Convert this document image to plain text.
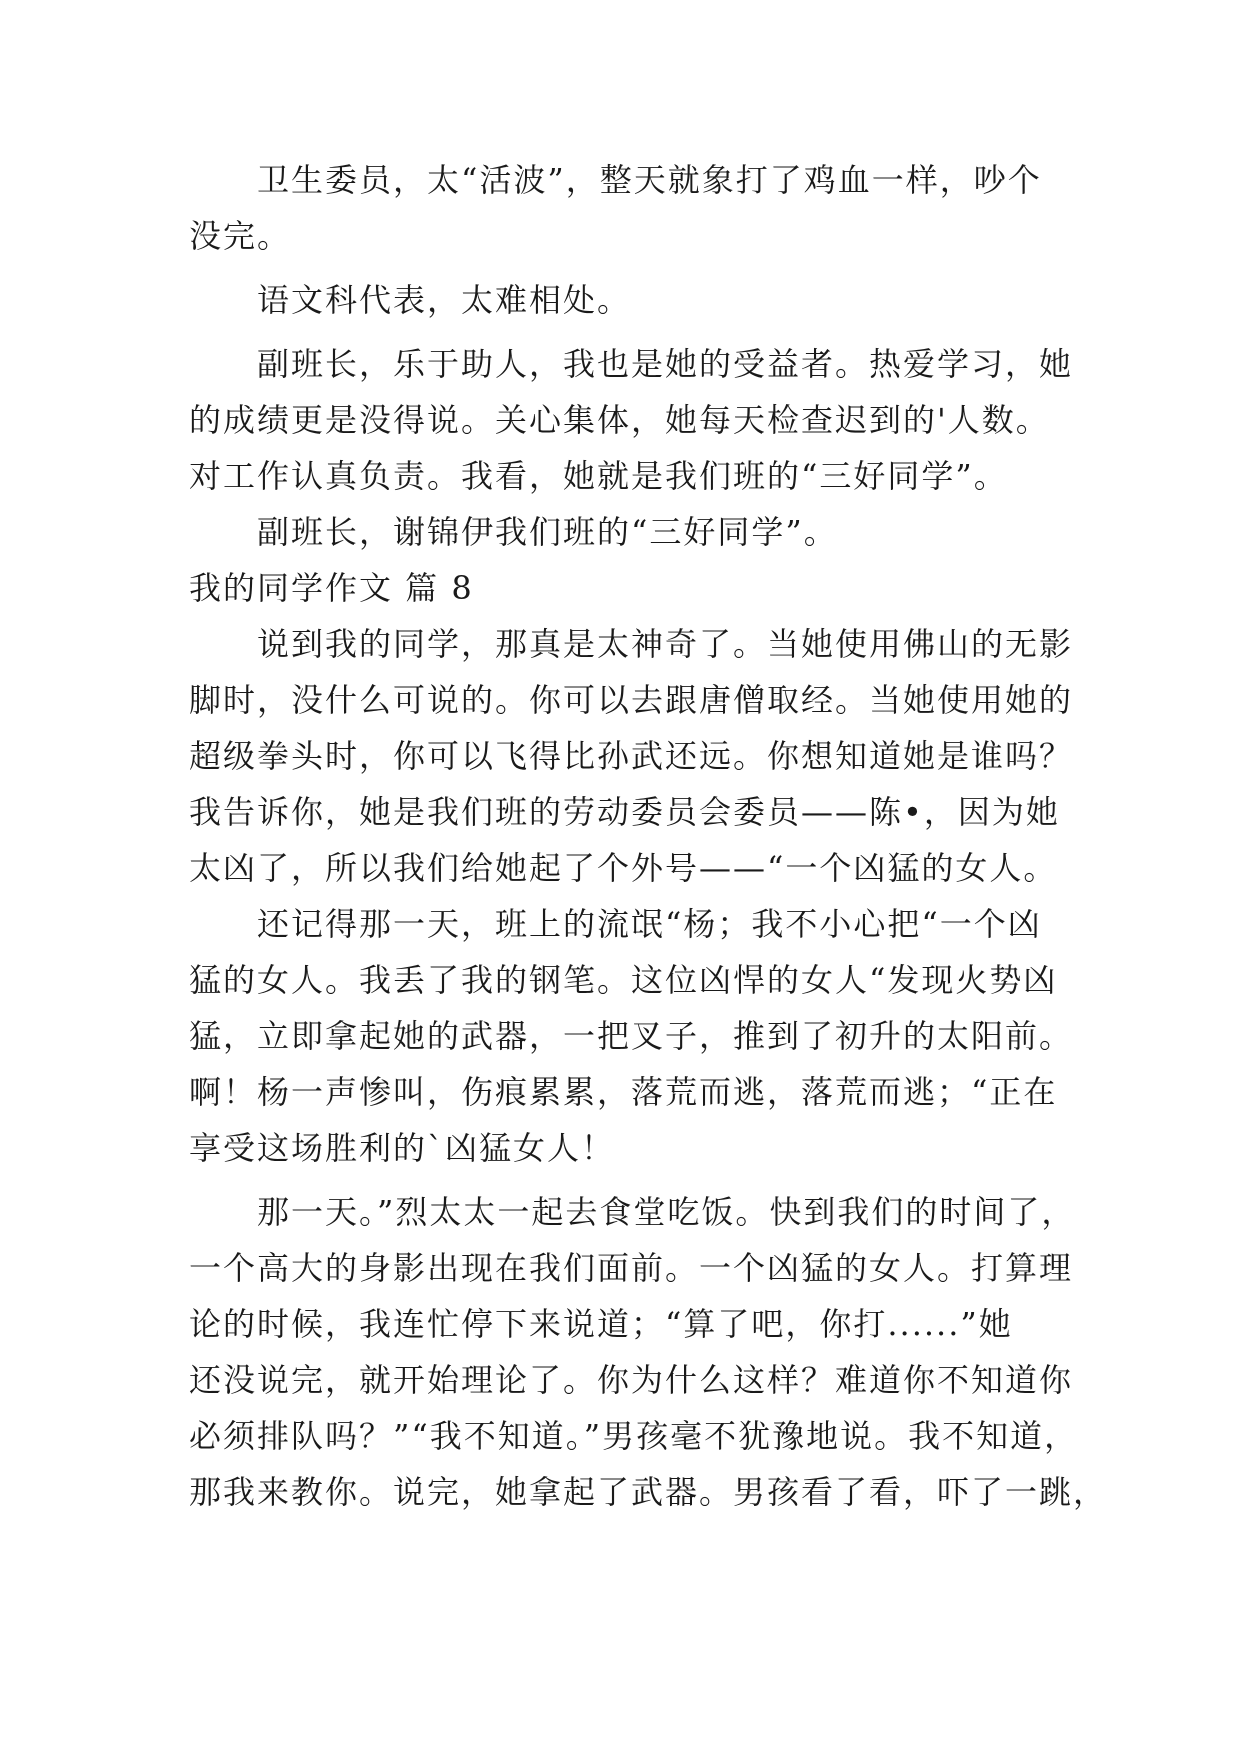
卫生委员，太“活波”，整天就象打了鸡血一样，吵个
没完。
语文科代表，太难相处。
副班长，乐于助人，我也是她的受益者。热爱学习，她
的成绩更是没得说。关心集体，她每天检查迟到的'人数。
对工作认真负责。我看，她就是我们班的“三好同学”。
副班长，谢锦伊我们班的“三好同学”。
我的同学作文 篇 8
说到我的同学，那真是太神奇了。当她使用佛山的无影
脚时，没什么可说的。你可以去跟唐僧取经。当她使用她的
超级拳头时，你可以飞得比孙武还远。你想知道她是谁吗？
我告诉你，她是我们班的劳动委员会委员——陈•，因为她
太凶了，所以我们给她起了个外号——“一个凶猛的女人。
还记得那一天，班上的流氓“杨；我不小心把“一个凶
猛的女人。我丢了我的钢笔。这位凶悍的女人“发现火势凶
猛，立即拿起她的武器，一把叉子，推到了初升的太阳前。
啊！杨一声惨叫，伤痕累累，落荒而逃，落荒而逃；“正在
享受这场胜利的`凶猛女人！
那一天。”烈太太一起去食堂吃饭。快到我们的时间了，
一个高大的身影出现在我们面前。一个凶猛的女人。打算理
论的时候，我连忙停下来说道；“算了吧，你打......”她
还没说完，就开始理论了。你为什么这样？难道你不知道你
必须排队吗？”“我不知道。”男孩毫不犹豫地说。我不知道，
那我来教你。说完，她拿起了武器。男孩看了看，吓了一跳，
